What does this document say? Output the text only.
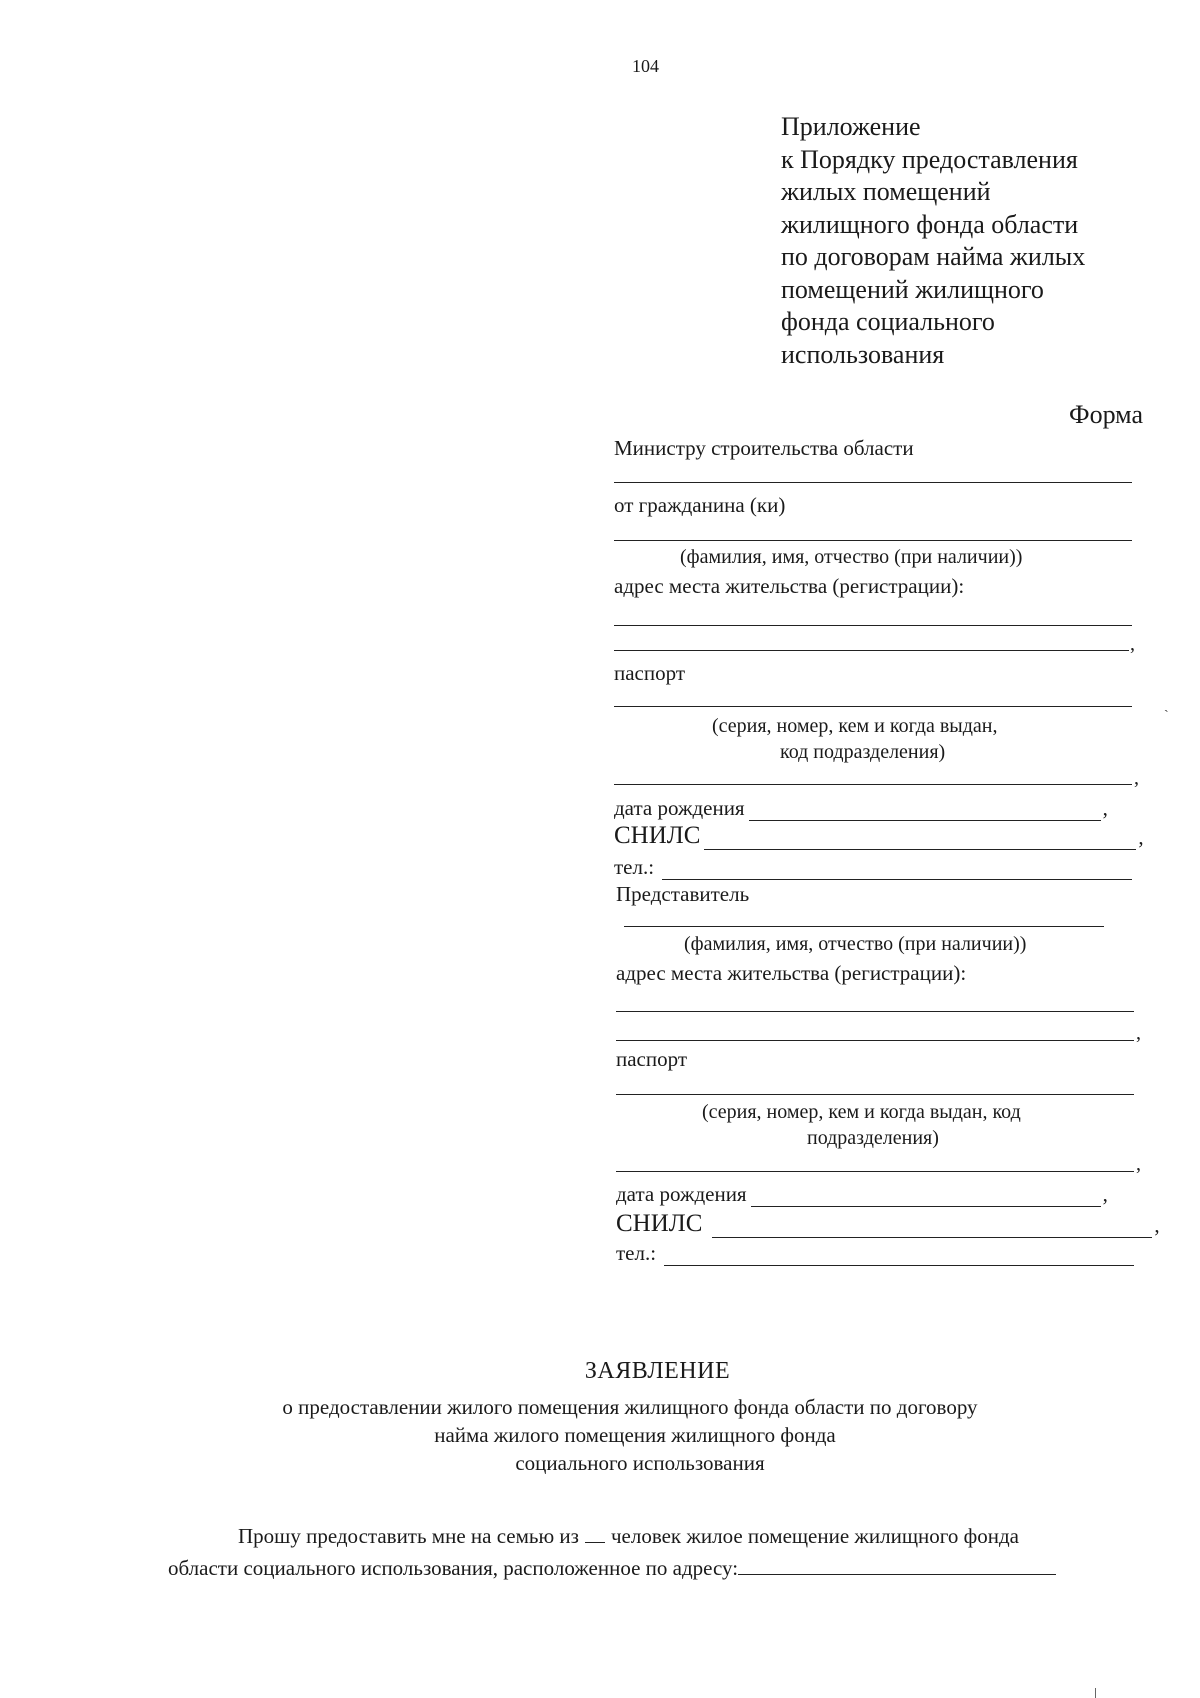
104
Приложение
к Порядку предоставления
жилых помещений
жилищного фонда области
по договорам найма жилых
помещений жилищного
фонда социального
использования
Форма
Министру строительства области
от гражданина (ки)
(фамилия, имя, отчество (при наличии))
адрес места жительства (регистрации):
,
паспорт
(серия, номер, кем и когда выдан,
код подразделения)
,
дата рождения	,
СНИЛС	,
тел.:
Представитель
(фамилия, имя, отчество (при наличии))
адрес места жительства (регистрации):
,
паспорт
(серия, номер, кем и когда выдан, код
подразделения)
,
дата рождения	,
СНИЛС	,
тел.:
ЗАЯВЛЕНИЕ
о предоставлении жилого помещения жилищного фонда области по договору
найма жилого помещения жилищного фонда
социального использования
Прошу предоставить мне на семью из человек жилое помещение жилищного фонда
области социального использования, расположенное по адресу:
ˏ
